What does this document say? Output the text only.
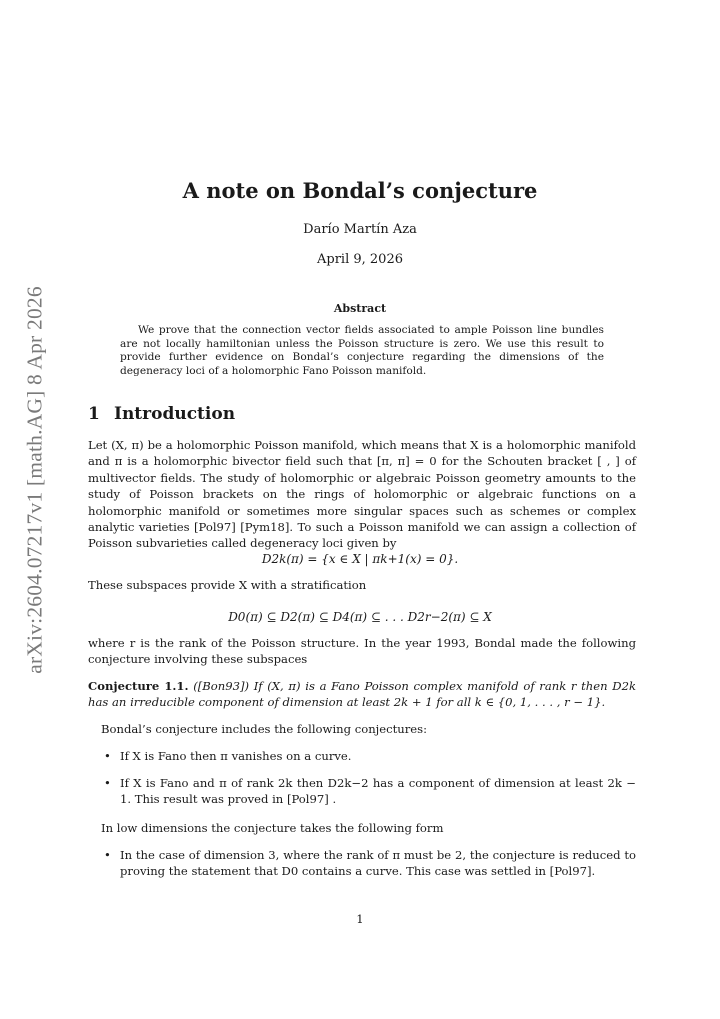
arXiv:2604.07217v1 [math.AG] 8 Apr 2026
A note on Bondal’s conjecture
Darío Martín Aza
April 9, 2026
Abstract

We prove that the connection vector fields associated to ample Poisson line bundles are not locally hamiltonian unless the Poisson structure is zero. We use this result to provide further evidence on Bondal’s conjecture regarding the dimensions of the degeneracy loci of a holomorphic Fano Poisson manifold.

1 Introduction

Let (X, π) be a holomorphic Poisson manifold, which means that X is a holomorphic manifold and π is a holomorphic bivector field such that [π, π] = 0 for the Schouten bracket [ , ] of multivector fields. The study of holomorphic or algebraic Poisson geometry amounts to the study of Poisson brackets on the rings of holomorphic or algebraic functions on a holomorphic manifold or sometimes more singular spaces such as schemes or complex analytic varieties [Pol97] [Pym18]. To such a Poisson manifold we can assign a collection of Poisson subvarieties called degeneracy loci given by

D2k(π) = {x ∈ X | πk+1(x) = 0}.

These subspaces provide X with a stratification

D0(π) ⊆ D2(π) ⊆ D4(π) ⊆ . . . D2r−2(π) ⊆ X

where r is the rank of the Poisson structure. In the year 1993, Bondal made the following conjecture involving these subspaces

Conjecture 1.1. ([Bon93]) If (X, π) is a Fano Poisson complex manifold of rank r then D2k has an irreducible component of dimension at least 2k + 1 for all k ∈ {0, 1, . . . , r − 1}.

Bondal’s conjecture includes the following conjectures:

• If X is Fano then π vanishes on a curve.
• If X is Fano and π of rank 2k then D2k−2 has a component of dimension at least 2k − 1. This result was proved in [Pol97] .

In low dimensions the conjecture takes the following form

• In the case of dimension 3, where the rank of π must be 2, the conjecture is reduced to proving the statement that D0 contains a curve. This case was settled in [Pol97].
1
